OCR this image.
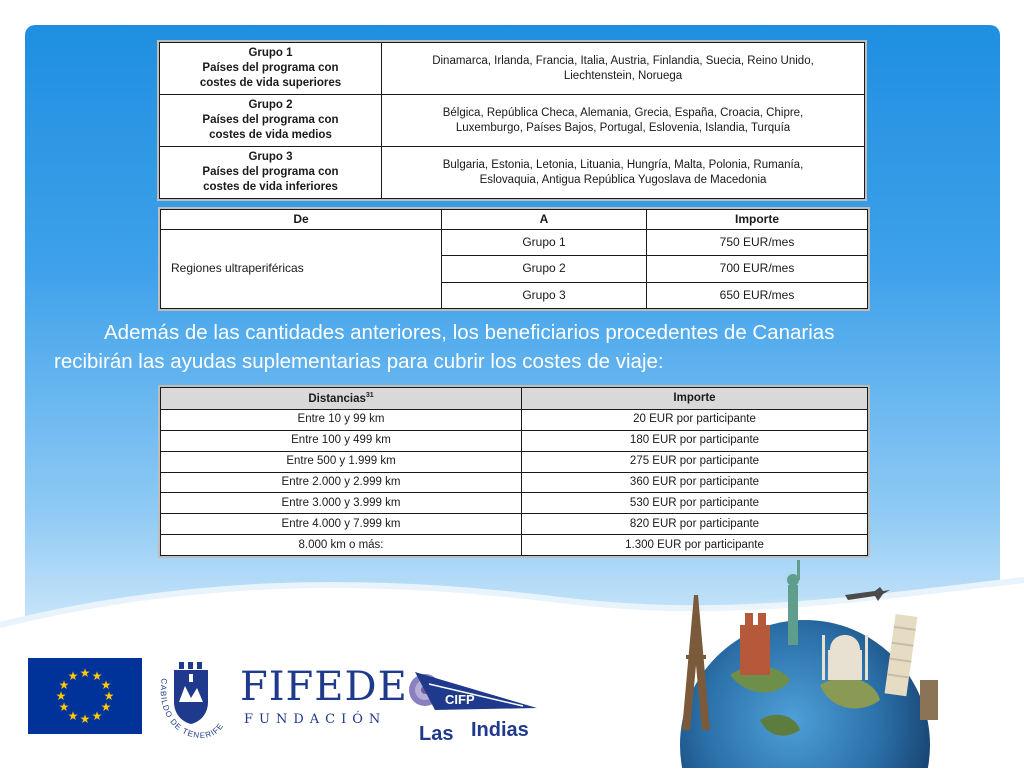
Grupo 1
Países del programa con
costes de vida superiores	Dinamarca, Irlanda, Francia, Italia, Austria, Finlandia, Suecia, Reino Unido,
Liechtenstein, Noruega
Grupo 2
Países del programa con
costes de vida medios	Bélgica, República Checa, Alemania, Grecia, España, Croacia, Chipre,
Luxemburgo, Países Bajos, Portugal, Eslovenia, Islandia, Turquía
Grupo 3
Países del programa con
costes de vida inferiores	Bulgaria, Estonia, Letonia, Lituania, Hungría, Malta, Polonia, Rumanía,
Eslovaquia, Antigua República Yugoslava de Macedonia
De	A	Importe
Regiones ultraperiféricas	Grupo 1	750 EUR/mes
	Grupo 2	700 EUR/mes
	Grupo 3	650 EUR/mes
Además de las cantidades anteriores, los beneficiarios procedentes de Canarias
recibirán las ayudas suplementarias para cubrir los costes de viaje:
Distancias$^{31}$	Importe
Entre 10 y 99 km	20 EUR por participante
Entre 100 y 499 km	180 EUR por participante
Entre 500 y 1.999 km	275 EUR por participante
Entre 2.000 y 2.999 km	360 EUR por participante
Entre 3.000 y 3.999 km	530 EUR por participante
Entre 4.000 y 7.999 km	820 EUR por participante
8.000 km o más:	1.300 EUR por participante
★ ★
★
★
★
★
★
★
★
★
★
★	CABILDO DE TENERIFE
FIFEDE
FUNDACIÓN
CIFP
Las Indias
